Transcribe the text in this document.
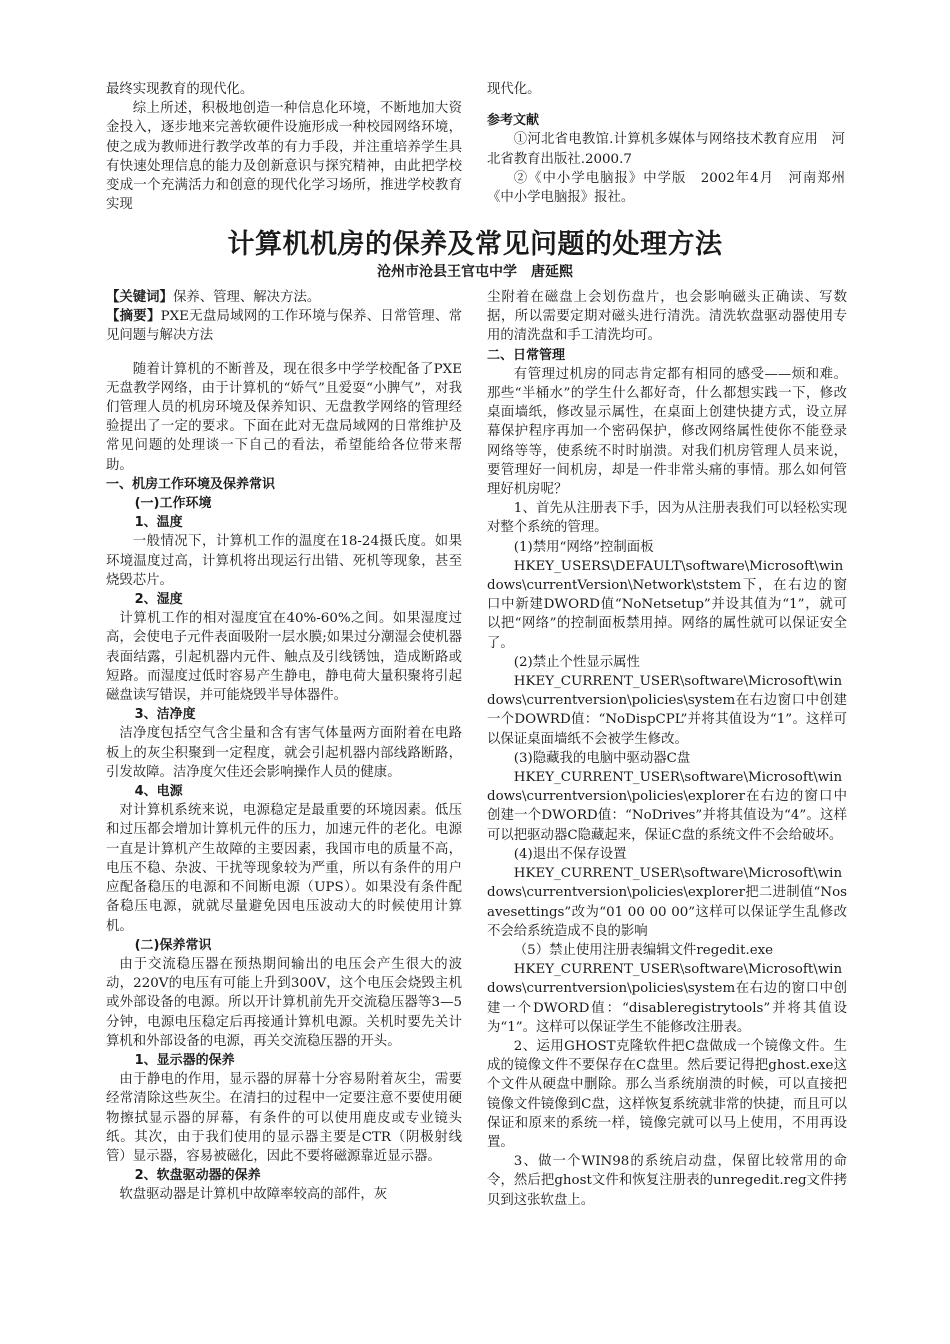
最终实现教育的现代化。

综上所述，积极地创造一种信息化环境，不断地加大资金投入，逐步地来完善软硬件设施形成一种校园网络环境，使之成为教师进行教学改革的有力手段，并注重培养学生具有快速处理信息的能力及创新意识与探究精神，由此把学校变成一个充满活力和创意的现代化学习场所，推进学校教育实现

现代化。

参考文献

①河北省电教馆.计算机多媒体与网络技术教育应用　河北省教育出版社.2000.7

②《中小学电脑报》中学版　2002年4月　河南郑州《中小学电脑报》报社。

计算机机房的保养及常见问题的处理方法

沧州市沧县王官屯中学　唐延熙

【关键词】保养、管理、解决方法。

【摘要】PXE无盘局域网的工作环境与保养、日常管理、常见问题与解决方法

随着计算机的不断普及，现在很多中学学校配备了PXE无盘教学网络，由于计算机的“娇气”且爱耍“小脾气”，对我们管理人员的机房环境及保养知识、无盘教学网络的管理经验提出了一定的要求。下面在此对无盘局域网的日常维护及常见问题的处理谈一下自己的看法，希望能给各位带来帮助。

一、机房工作环境及保养常识

(一)工作环境

1、温度

一般情况下，计算机工作的温度在18-24摄氏度。如果环境温度过高，计算机将出现运行出错、死机等现象，甚至烧毁芯片。

2、湿度

计算机工作的相对湿度宜在40%-60%之间。如果湿度过高，会使电子元件表面吸附一层水膜;如果过分潮湿会使机器表面结露，引起机器内元件、触点及引线锈蚀，造成断路或短路。而湿度过低时容易产生静电，静电荷大量积聚将引起磁盘读写错误，并可能烧毁半导体器件。

3、洁净度

洁净度包括空气含尘量和含有害气体量两方面附着在电路板上的灰尘积聚到一定程度，就会引起机器内部线路断路，引发故障。洁净度欠佳还会影响操作人员的健康。

4、电源

对计算机系统来说，电源稳定是最重要的环境因素。低压和过压都会增加计算机元件的压力，加速元件的老化。电源一直是计算机产生故障的主要因素，我国市电的质量不高，电压不稳、杂波、干扰等现象较为严重，所以有条件的用户应配备稳压的电源和不间断电源（UPS）。如果没有条件配备稳压电源，就就尽量避免因电压波动大的时候使用计算机。

(二)保养常识

由于交流稳压器在预热期间输出的电压会产生很大的波动，220V的电压有可能上升到300V，这个电压会烧毁主机或外部设备的电源。所以开计算机前先开交流稳压器等3—5分钟，电源电压稳定后再接通计算机电源。关机时要先关计算机和外部设备的电源，再关交流稳压器的开头。

1、显示器的保养

由于静电的作用，显示器的屏幕十分容易附着灰尘，需要经常清除这些灰尘。在清扫的过程中一定要注意不要使用硬物擦拭显示器的屏幕，有条件的可以使用鹿皮或专业镜头纸。其次，由于我们使用的显示器主要是CTR（阴极射线管）显示器，容易被磁化，因此不要将磁源靠近显示器。

2、软盘驱动器的保养

软盘驱动器是计算机中故障率较高的部件，灰

尘附着在磁盘上会划伤盘片，也会影响磁头正确读、写数据，所以需要定期对磁头进行清洗。清洗软盘驱动器使用专用的清洗盘和手工清洗均可。

二、日常管理

有管理过机房的同志肯定都有相同的感受——烦和难。那些“半桶水”的学生什么都好奇，什么都想实践一下，修改桌面墙纸，修改显示属性，在桌面上创建快捷方式，设立屏幕保护程序再加一个密码保护，修改网络属性使你不能登录网络等等，使系统不时时崩溃。对我们机房管理人员来说，要管理好一间机房，却是一件非常头痛的事情。那么如何管理好机房呢？

1、首先从注册表下手，因为从注册表我们可以轻松实现对整个系统的管理。

(1)禁用“网络”控制面板

HKEY_USERS\DEFAULT\software\Microsoft\windows\currentVersion\Network\ststem下，在右边的窗口中新建DWORD值“NoNetsetup”并设其值为“1”，就可以把“网络”的控制面板禁用掉。网络的属性就可以保证安全了。

(2)禁止个性显示属性

HKEY_CURRENT_USER\software\Microsoft\windows\currentversion\policies\system在右边窗口中创建一个DOWRD值：“NoDispCPL”并将其值设为“1”。这样可以保证桌面墙纸不会被学生修改。

(3)隐藏我的电脑中驱动器C盘

HKEY_CURRENT_USER\software\Microsoft\windows\currentversion\policies\explorer在右边的窗口中创建一个DWORD值：“NoDrives”并将其值设为“4”。这样可以把驱动器C隐藏起来，保证C盘的系统文件不会给破坏。

(4)退出不保存设置

HKEY_CURRENT_USER\software\Microsoft\windows\currentversion\policies\explorer把二进制值“Nosavesettings”改为“01 00 00 00”这样可以保证学生乱修改不会给系统造成不良的影响

（5）禁止使用注册表编辑文件regedit.exe

HKEY_CURRENT_USER\software\Microsoft\windows\currentversion\policies\system在右边的窗口中创建一个DWORD值：“disableregistrytools”并将其值设为“1”。这样可以保证学生不能修改注册表。

2、运用GHOST克隆软件把C盘做成一个镜像文件。生成的镜像文件不要保存在C盘里。然后要记得把ghost.exe这个文件从硬盘中删除。那么当系统崩溃的时候，可以直接把镜像文件镜像到C盘，这样恢复系统就非常的快捷，而且可以保证和原来的系统一样，镜像完就可以马上使用，不用再设置。

3、做一个WIN98的系统启动盘，保留比较常用的命令，然后把ghost文件和恢复注册表的unregedit.reg文件拷贝到这张软盘上。
